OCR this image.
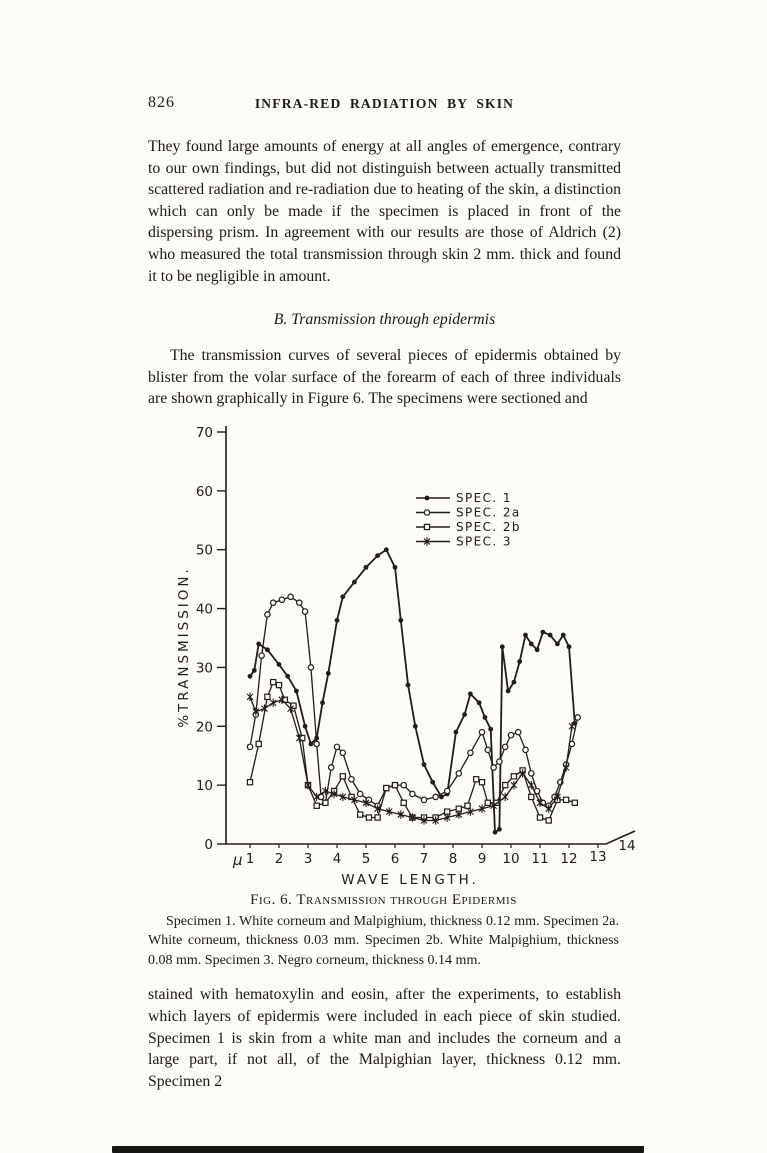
826	INFRA-RED RADIATION BY SKIN

They found large amounts of energy at all angles of emergence, contrary to our own findings, but did not distinguish between actually transmitted scattered radiation and re-radiation due to heating of the skin, a distinction which can only be made if the specimen is placed in front of the dispersing prism. In agreement with our results are those of Aldrich (2) who measured the total transmission through skin 2 mm. thick and found it to be negligible in amount.

B. Transmission through epidermis

The transmission curves of several pieces of epidermis obtained by blister from the volar surface of the forearm of each of three individuals are shown graphically in Figure 6. The specimens were sectioned and

0
10
20
30
40
50
60
70
1 2 3 4 5 6 7 8 9 10 11 12 13
14
µ
%TRANSMISSION.
WAVE LENGTH.
SPEC. 1
SPEC. 2a
SPEC. 2b
SPEC. 3
Fig. 6. Transmission through Epidermis

Specimen 1. White corneum and Malpighium, thickness 0.12 mm. Specimen 2a. White corneum, thickness 0.03 mm. Specimen 2b. White Malpighium, thickness 0.08 mm. Specimen 3. Negro corneum, thickness 0.14 mm.

stained with hematoxylin and eosin, after the experiments, to establish which layers of epidermis were included in each piece of skin studied. Specimen 1 is skin from a white man and includes the corneum and a large part, if not all, of the Malpighian layer, thickness 0.12 mm. Specimen 2
